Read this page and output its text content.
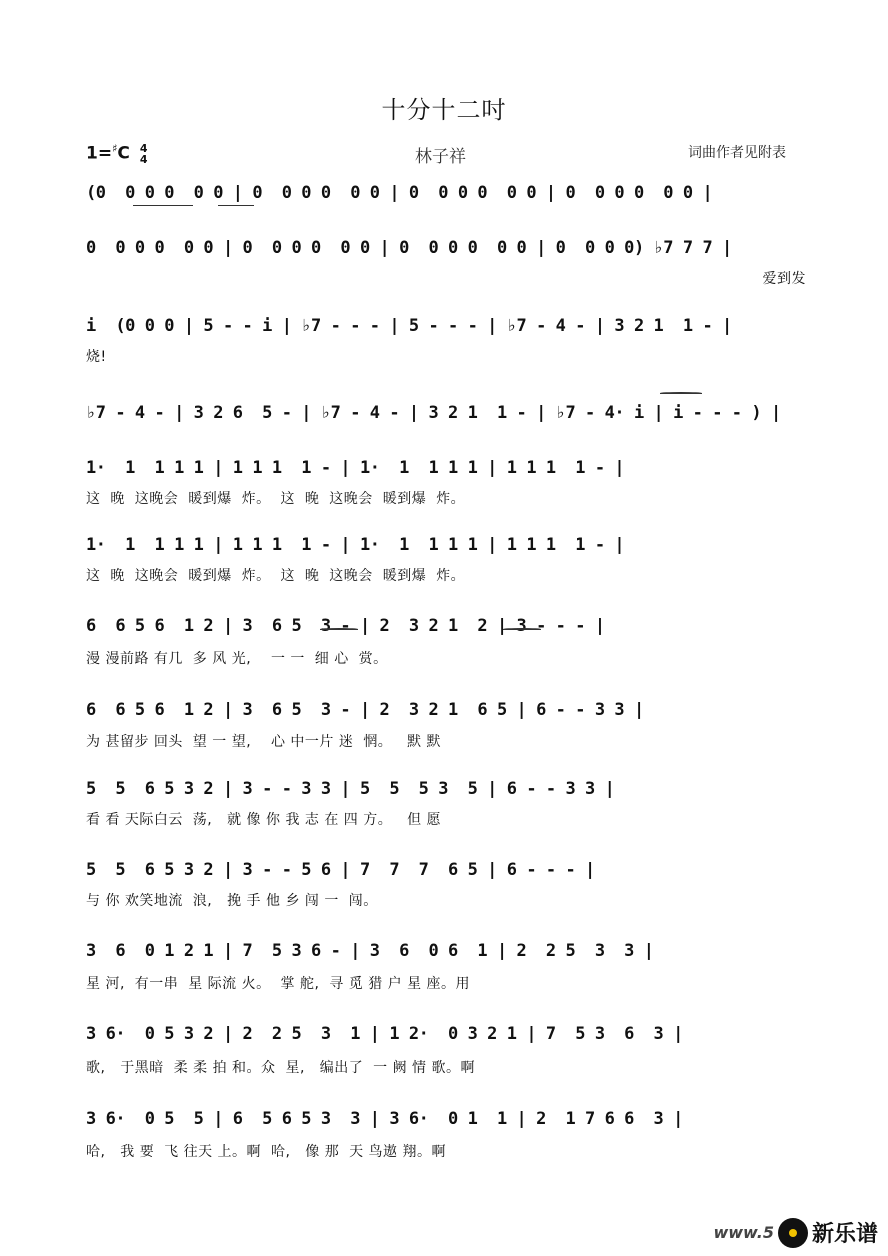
十分十二吋
1=♯C 4
4	林子祥	词曲作者见附表
(0  0 0 0  0 0 | 0  0 0 0  0 0 | 0  0 0 0  0 0 | 0  0 0 0  0 0 |
0  0 0 0  0 0 | 0  0 0 0  0 0 | 0  0 0 0  0 0 | 0  0 0 0) ♭7 7 7 |
爱到发
i  (0 0 0 | 5 - - i | ♭7 - - - | 5 - - - | ♭7 - 4 - | 3 2 1  1 - |
烧!
♭7 - 4 - | 3 2 6  5 - | ♭7 - 4 - | 3 2 1  1 - | ♭7 - 4· i | i - - - ) |
1·  1  1 1 1 | 1 1 1  1 - | 1·  1  1 1 1 | 1 1 1  1 - |
这  晚  这晚会  暖到爆  炸。  这  晚  这晚会  暖到爆  炸。
1·  1  1 1 1 | 1 1 1  1 - | 1·  1  1 1 1 | 1 1 1  1 - |
这  晚  这晚会  暖到爆  炸。  这  晚  这晚会  暖到爆  炸。
6  6 5 6  1 2 | 3  6 5  3 - | 2  3 2 1  2 | 3 - - - |
漫 漫前路 有几  多 风 光,    一 一  细 心  赏。
6  6 5 6  1 2 | 3  6 5  3 - | 2  3 2 1  6 5 | 6 - - 3 3 |
为 甚留步 回头  望 一 望,    心 中一片 迷  惘。   默 默
5  5  6 5 3 2 | 3 - - 3 3 | 5  5  5 3  5 | 6 - - 3 3 |
看 看 天际白云  荡,   就 像 你 我 志 在 四 方。   但 愿
5  5  6 5 3 2 | 3 - - 5 6 | 7  7  7  6 5 | 6 - - - |
与 你 欢笑地流  浪,   挽 手 他 乡 闯 一  闯。
3  6  0 1 2 1 | 7  5 3 6 - | 3  6  0 6  1 | 2  2 5  3  3 |
星 河,  有一串  星 际流 火。  掌 舵,  寻 觅 猎 户 星 座。用
3 6·  0 5 3 2 | 2  2 5  3  1 | 1 2·  0 3 2 1 | 7  5 3  6  3 |
歌,   于黑暗  柔 柔 拍 和。众  星,   编出了  一 阙 情 歌。啊
3 6·  0 5  5 | 6  5 6 5 3  3 | 3 6·  0 1  1 | 2  1 7 6 6  3 |
哈,   我 要  飞 往天 上。啊  哈,   像 那  天 鸟遨 翔。啊
www.5 新乐谱
